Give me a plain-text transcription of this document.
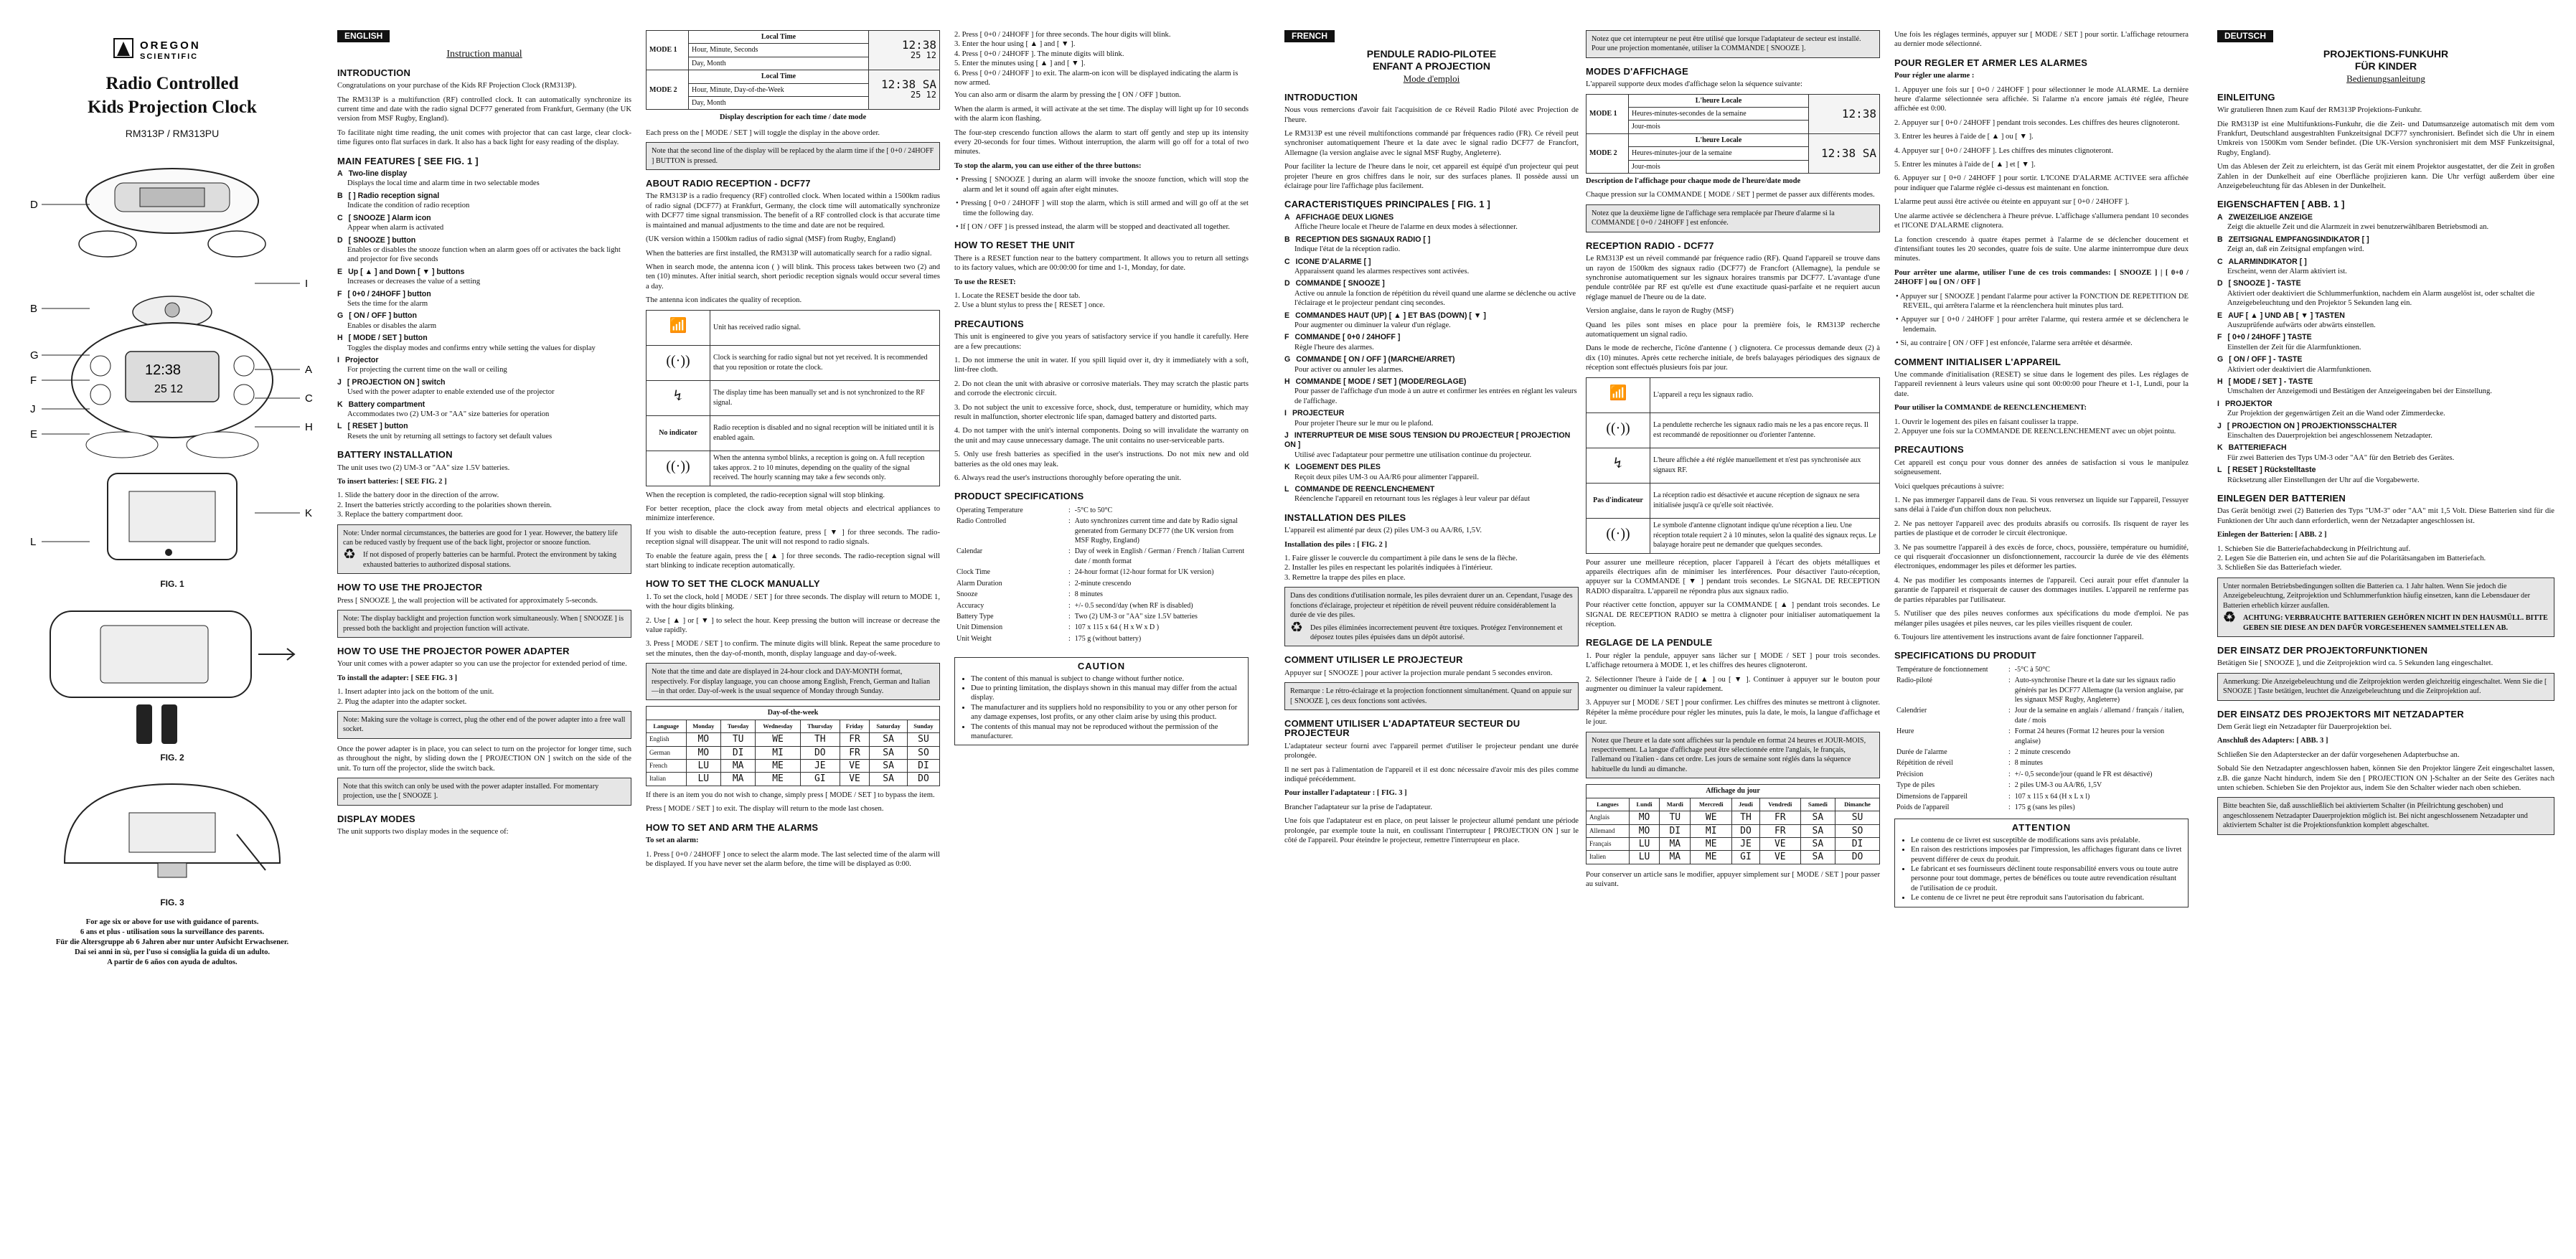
OREGON
SCIENTIFIC
Radio Controlled
Kids Projection Clock
RM313P / RM313PU
12:38
25 12
D
B
G
F
J
E
L
I
A
C
H
K
FIG. 1
FIG. 2
FIG. 3
For age six or above for use with guidance of parents.
6 ans et plus - utilisation sous la surveillance des parents.
Für die Altersgruppe ab 6 Jahren aber nur unter Aufsicht Erwachsener.
Dai sei anni in sù, per l'uso si consiglia la guida di un adulto.
A partir de 6 años con ayuda de adultos.
ENGLISH
Instruction manual
INTRODUCTION

Congratulations on your purchase of the Kids RF Projection Clock (RM313P).

The RM313P is a multifunction (RF) controlled clock. It can automatically synchronize its current time and date with the radio signal DCF77 generated from Frankfurt, Germany (the UK version from MSF Rugby, England).

To facilitate night time reading, the unit comes with projector that can cast large, clear clock-time figures onto flat surfaces in dark. It also has a back light for easy reading of the display.

MAIN FEATURES [ SEE FIG. 1 ]
A Two-line display
Displays the local time and alarm time in two selectable modes
B [ ] Radio reception signal
Indicate the condition of radio reception
C [ SNOOZE ] Alarm icon
Appear when alarm is activated
D [ SNOOZE ] button
Enables or disables the snooze function when an alarm goes off or activates the back light and projector for five seconds
E Up [ ▲ ] and Down [ ▼ ] buttons
Increases or decreases the value of a setting
F [ 0+0 / 24HOFF ] button
Sets the time for the alarm
G [ ON / OFF ] button
Enables or disables the alarm
H [ MODE / SET ] button
Toggles the display modes and confirms entry while setting the values for display
I Projector
For projecting the current time on the wall or ceiling
J [ PROJECTION ON ] switch
Used with the power adapter to enable extended use of the projector
K Battery compartment
Accommodates two (2) UM-3 or "AA" size batteries for operation
L [ RESET ] button
Resets the unit by returning all settings to factory set default values
BATTERY INSTALLATION

The unit uses two (2) UM-3 or "AA" size 1.5V batteries.

To insert batteries: [ SEE FIG. 2 ]

1. Slide the battery door in the direction of the arrow.
2. Insert the batteries strictly according to the polarities shown therein.
3. Replace the battery compartment door.
Note: Under normal circumstances, the batteries are good for 1 year. However, the battery life can be reduced vastly by frequent use of the back light, projector or snooze function.
♻ If not disposed of properly batteries can be harmful. Protect the environment by taking exhausted batteries to authorized disposal stations.
HOW TO USE THE PROJECTOR

Press [ SNOOZE ], the wall projection will be activated for approximately 5-seconds.

Note: The display backlight and projection function work simultaneously. When [ SNOOZE ] is pressed both the backlight and projection function will activate.
HOW TO USE THE PROJECTOR POWER ADAPTER

Your unit comes with a power adapter so you can use the projector for extended period of time.

To install the adapter: [ SEE FIG. 3 ]

1. Insert adapter into jack on the bottom of the unit.
2. Plug the adapter into the adapter socket.
Note: Making sure the voltage is correct, plug the other end of the power adapter into a free wall socket.

Once the power adapter is in place, you can select to turn on the projector for longer time, such as throughout the night, by sliding down the [ PROJECTION ON ] switch on the side of the unit. To turn off the projector, slide the switch back.

Note that this switch can only be used with the power adapter installed. For momentary projection, use the [ SNOOZE ].
DISPLAY MODES

The unit supports two display modes in the sequence of:

MODE 1	Local Time	12:38
25 12
	Hour, Minute, Seconds	
	Day, Month	
MODE 2	Local Time	12:38 SA
25 12
	Hour, Minute, Day-of-the-Week	
	Day, Month	
Display description for each time / date mode

Each press on the [ MODE / SET ] will toggle the display in the above order.

Note that the second line of the display will be replaced by the alarm time if the [ 0+0 / 24HOFF ] BUTTON is pressed.
ABOUT RADIO RECEPTION - DCF77

The RM313P is a radio frequency (RF) controlled clock. When located within a 1500km radius of radio signal (DCF77) at Frankfurt, Germany, the clock time will automatically synchronize with DCF77 time signal transmission. The benefit of a RF controlled clock is that accurate time is maintained and manual adjustments to the time and date are not be required.

(UK version within a 1500km radius of radio signal (MSF) from Rugby, England)

When the batteries are first installed, the RM313P will automatically search for a radio signal.

When in search mode, the antenna icon ( ) will blink. This process takes between two (2) and ten (10) minutes. After initial search, short periodic reception signals would occur several times a day.

The antenna icon indicates the quality of reception.

📶	Unit has received radio signal.
((·))	Clock is searching for radio signal but not yet received. It is recommended that you reposition or rotate the clock.
↯	The display time has been manually set and is not synchronized to the RF signal.
No indicator	Radio reception is disabled and no signal reception will be initiated until it is enabled again.
((·))	When the antenna symbol blinks, a reception is going on. A full reception takes approx. 2 to 10 minutes, depending on the quality of the signal received. The hourly scanning may take a few seconds only.

When the reception is completed, the radio-reception signal will stop blinking.

For better reception, place the clock away from metal objects and electrical appliances to minimize interference.

If you wish to disable the auto-reception feature, press [ ▼ ] for three seconds. The radio-reception signal will disappear. The unit will not respond to radio signals.

To enable the feature again, press the [ ▲ ] for three seconds. The radio-reception signal will start blinking to indicate reception automatically.

HOW TO SET THE CLOCK MANUALLY

1. To set the clock, hold [ MODE / SET ] for three seconds. The display will return to MODE 1, with the hour digits blinking.

2. Use [ ▲ ] or [ ▼ ] to select the hour. Keep pressing the button will increase or decrease the value rapidly.

3. Press [ MODE / SET ] to confirm. The minute digits will blink. Repeat the same procedure to set the minutes, then the day-of-month, month, display language and day-of-week.

Note that the time and date are displayed in 24-hour clock and DAY-MONTH format, respectively. For display language, you can choose among English, French, German and Italian—in that order. Day-of-week is the usual sequence of Monday through Sunday.
Day-of-the-week							
Language	Monday	Tuesday	Wednesday	Thursday	Friday	Saturday	Sunday
English	MO	TU	WE	TH	FR	SA	SU
German	MO	DI	MI	DO	FR	SA	SO
French	LU	MA	ME	JE	VE	SA	DI
Italian	LU	MA	ME	GI	VE	SA	DO

If there is an item you do not wish to change, simply press [ MODE / SET ] to bypass the item.

Press [ MODE / SET ] to exit. The display will return to the mode last chosen.

HOW TO SET AND ARM THE ALARMS

To set an alarm:

1. Press [ 0+0 / 24HOFF ] once to select the alarm mode. The last selected time of the alarm will be displayed. If you have never set the alarm before, the time will be displayed as 0:00.

2. Press [ 0+0 / 24HOFF ] for three seconds. The hour digits will blink.
3. Enter the hour using [ ▲ ] and [ ▼ ].
4. Press [ 0+0 / 24HOFF ]. The minute digits will blink.
5. Enter the minutes using [ ▲ ] and [ ▼ ].
6. Press [ 0+0 / 24HOFF ] to exit. The alarm-on icon will be displayed indicating the alarm is now armed.

You can also arm or disarm the alarm by pressing the [ ON / OFF ] button.

When the alarm is armed, it will activate at the set time. The display will light up for 10 seconds with the alarm icon flashing.

The four-step crescendo function allows the alarm to start off gently and step up its intensity every 20-seconds for four times. Without interruption, the alarm will go off for a total of two minutes.

To stop the alarm, you can use either of the three buttons:

• Pressing [ SNOOZE ] during an alarm will invoke the snooze function, which will stop the alarm and let it sound off again after eight minutes.

• Pressing [ 0+0 / 24HOFF ] will stop the alarm, which is still armed and will go off at the set time the following day.

• If [ ON / OFF ] is pressed instead, the alarm will be stopped and deactivated all together.

HOW TO RESET THE UNIT

There is a RESET function near to the battery compartment. It allows you to return all settings to its factory values, which are 00:00:00 for time and 1-1, Monday, for date.

To use the RESET:

1. Locate the RESET beside the door tab.
2. Use a blunt stylus to press the [ RESET ] once.
PRECAUTIONS

This unit is engineered to give you years of satisfactory service if you handle it carefully. Here are a few precautions:

1. Do not immerse the unit in water. If you spill liquid over it, dry it immediately with a soft, lint-free cloth.

2. Do not clean the unit with abrasive or corrosive materials. They may scratch the plastic parts and corrode the electronic circuit.

3. Do not subject the unit to excessive force, shock, dust, temperature or humidity, which may result in malfunction, shorter electronic life span, damaged battery and distorted parts.

4. Do not tamper with the unit's internal components. Doing so will invalidate the warranty on the unit and may cause unnecessary damage. The unit contains no user-serviceable parts.

5. Only use fresh batteries as specified in the user's instructions. Do not mix new and old batteries as the old ones may leak.

6. Always read the user's instructions thoroughly before operating the unit.

PRODUCT SPECIFICATIONS
Operating Temperature	:	-5°C to 50°C
Radio Controlled	:	Auto synchronizes current time and date by Radio signal generated from Germany DCF77 (the UK version from MSF Rugby, England)
Calendar	:	Day of week in English / German / French / Italian Current date / month format
Clock Time	:	24-hour format (12-hour format for UK version)
Alarm Duration	:	2-minute crescendo
Snooze	:	8 minutes
Accuracy	:	+/- 0.5 second/day (when RF is disabled)
Battery Type	:	Two (2) UM-3 or "AA" size 1.5V batteries
Unit Dimension	:	107 x 115 x 64 ( H x W x D )
Unit Weight	:	175 g (without battery)
CAUTION
• The content of this manual is subject to change without further notice.
• Due to printing limitation, the displays shown in this manual may differ from the actual display.
• The manufacturer and its suppliers hold no responsibility to you or any other person for any damage expenses, lost profits, or any other claim arise by using this product.
• The contents of this manual may not be reproduced without the permission of the manufacturer.
FRENCH
PENDULE RADIO-PILOTEE
ENFANT A PROJECTION
Mode d'emploi
INTRODUCTION

Nous vous remercions d'avoir fait l'acquisition de ce Réveil Radio Piloté avec Projection de l'heure.

Le RM313P est une réveil multifonctions commandé par fréquences radio (FR). Ce réveil peut synchroniser automatiquement l'heure et la date avec le signal radio DCF77 de Francfort, Allemagne (la version anglaise avec le signal MSF Rugby, Angleterre).

Pour faciliter la lecture de l'heure dans le noir, cet appareil est équipé d'un projecteur qui peut projeter l'heure en gros chiffres dans le noir, sur des surfaces planes. Il possède aussi un éclairage pour lire l'affichage plus facilement.

CARACTERISTIQUES PRINCIPALES [ FIG. 1 ]
A AFFICHAGE DEUX LIGNES
Affiche l'heure locale et l'heure de l'alarme en deux modes à sélectionner.
B RECEPTION DES SIGNAUX RADIO [ ]
Indique l'état de la réception radio.
C ICONE D'ALARME [ ]
Apparaissent quand les alarmes respectives sont activées.
D COMMANDE [ SNOOZE ]
Active ou annule la fonction de répétition du réveil quand une alarme se déclenche ou active l'éclairage et le projecteur pendant cinq secondes.
E COMMANDES HAUT (UP) [ ▲ ] ET BAS (DOWN) [ ▼ ]
Pour augmenter ou diminuer la valeur d'un réglage.
F COMMANDE [ 0+0 / 24HOFF ]
Règle l'heure des alarmes.
G COMMANDE [ ON / OFF ] (MARCHE/ARRET)
Pour activer ou annuler les alarmes.
H COMMANDE [ MODE / SET ] (MODE/REGLAGE)
Pour passer de l'affichage d'un mode à un autre et confirmer les entrées en réglant les valeurs de l'affichage.
I PROJECTEUR
Pour projeter l'heure sur le mur ou le plafond.
J INTERRUPTEUR DE MISE SOUS TENSION DU PROJECTEUR [ PROJECTION ON ]
Utilisé avec l'adaptateur pour permettre une utilisation continue du projecteur.
K LOGEMENT DES PILES
Reçoit deux piles UM-3 ou AA/R6 pour alimenter l'appareil.
L COMMANDE DE REENCLENCHEMENT
Réenclenche l'appareil en retournant tous les réglages à leur valeur par défaut
INSTALLATION DES PILES

L'appareil est alimenté par deux (2) piles UM-3 ou AA/R6, 1,5V.

Installation des piles : [ FIG. 2 ]

1. Faire glisser le couvercle du compartiment à pile dans le sens de la flèche.
2. Installer les piles en respectant les polarités indiquées à l'intérieur.
3. Remettre la trappe des piles en place.
Dans des conditions d'utilisation normale, les piles devraient durer un an. Cependant, l'usage des fonctions d'éclairage, projecteur et répétition de réveil peuvent réduire considérablement la durée de vie des piles.
♻ Des piles éliminées incorrectement peuvent être toxiques. Protégez l'environnement et déposez toutes piles épuisées dans un dépôt autorisé.
COMMENT UTILISER LE PROJECTEUR

Appuyer sur [ SNOOZE ] pour activer la projection murale pendant 5 secondes environ.

Remarque : Le rétro-éclairage et la projection fonctionnent simultanément. Quand on appuie sur [ SNOOZE ], ces deux fonctions sont activées.
COMMENT UTILISER L'ADAPTATEUR SECTEUR DU PROJECTEUR

L'adaptateur secteur fourni avec l'appareil permet d'utiliser le projecteur pendant une durée prolongée.

Il ne sert pas à l'alimentation de l'appareil et il est donc nécessaire d'avoir mis des piles comme indiqué précédemment.

Pour installer l'adaptateur : [ FIG. 3 ]

Brancher l'adaptateur sur la prise de l'adaptateur.

Une fois que l'adaptateur est en place, on peut laisser le projecteur allumé pendant une période prolongée, par exemple toute la nuit, en coulissant l'interrupteur [ PROJECTION ON ] sur le côté de l'appareil. Pour éteindre le projecteur, remettre l'interrupteur en place.

Notez que cet interrupteur ne peut être utilisé que lorsque l'adaptateur de secteur est installé. Pour une projection momentanée, utiliser la COMMANDE [ SNOOZE ].
MODES D'AFFICHAGE

L'appareil supporte deux modes d'affichage selon la séquence suivante:

MODE 1	L'heure Locale	12:38
	Heures-minutes-secondes de la semaine	
	Jour-mois	
MODE 2	L'heure Locale	12:38 SA
	Heures-minutes-jour de la semaine	
	Jour-mois	
Description de l'affichage pour chaque mode de l'heure/date mode

Chaque pression sur la COMMANDE [ MODE / SET ] permet de passer aux différents modes.

Notez que la deuxième ligne de l'affichage sera remplacée par l'heure d'alarme si la COMMANDE [ 0+0 / 24HOFF ] est enfoncée.
RECEPTION RADIO - DCF77

Le RM313P est un réveil commandé par fréquence radio (RF). Quand l'appareil se trouve dans un rayon de 1500km des signaux radio (DCF77) de Francfort (Allemagne), la pendule se synchronise automatiquement sur les signaux horaires transmis par DCF77. L'avantage d'une pendule contrôlée par RF est qu'elle est d'une exactitude quasi-parfaite et ne requiert aucun réglage manuel de l'heure ou de la date.

Version anglaise, dans le rayon de Rugby (MSF)

Quand les piles sont mises en place pour la première fois, le RM313P recherche automatiquement un signal radio.

Dans le mode de recherche, l'icône d'antenne ( ) clignotera. Ce processus demande deux (2) à dix (10) minutes. Après cette recherche initiale, de brefs balayages périodiques des signaux de réception sont effectués plusieurs fois par jour.

📶	L'appareil a reçu les signaux radio.
((·))	La pendulette recherche les signaux radio mais ne les a pas encore reçus. Il est recommandé de repositionner ou d'orienter l'antenne.
↯	L'heure affichée a été réglée manuellement et n'est pas synchronisée aux signaux RF.
Pas d'indicateur	La réception radio est désactivée et aucune réception de signaux ne sera initialisée jusqu'à ce qu'elle soit réactivée.
((·))	Le symbole d'antenne clignotant indique qu'une réception a lieu. Une réception totale requiert 2 à 10 minutes, selon la qualité des signaux reçus. Le balayage horaire peut ne demander que quelques secondes.

Pour assurer une meilleure réception, placer l'appareil à l'écart des objets métalliques et appareils électriques afin de minimiser les interférences. Pour désactiver l'auto-réception, appuyer sur la COMMANDE [ ▼ ] pendant trois secondes. Le SIGNAL DE RECEPTION RADIO disparaîtra. L'appareil ne répondra plus aux signaux radio.

Pour réactiver cette fonction, appuyer sur la COMMANDE [ ▲ ] pendant trois secondes. Le SIGNAL DE RECEPTION RADIO se mettra à clignoter pour initialiser automatiquement la réception.

REGLAGE DE LA PENDULE

1. Pour régler la pendule, appuyer sans lâcher sur [ MODE / SET ] pour trois secondes. L'affichage retournera à MODE 1, et les chiffres des heures clignoteront.

2. Sélectionner l'heure à l'aide de [ ▲ ] ou [ ▼ ]. Continuer à appuyer sur le bouton pour augmenter ou diminuer la valeur rapidement.

3. Appuyer sur [ MODE / SET ] pour confirmer. Les chiffres des minutes se mettront à clignoter. Répéter la même procédure pour régler les minutes, puis la date, le mois, la langue d'affichage et le jour.

Notez que l'heure et la date sont affichées sur la pendule en format 24 heures et JOUR-MOIS, respectivement. La langue d'affichage peut être sélectionnée entre l'anglais, le français, l'allemand ou l'italien - dans cet ordre. Les jours de semaine sont réglés dans la séquence habituelle du lundi au dimanche.
Affichage du jour							
Langues	Lundi	Mardi	Mercredi	Jeudi	Vendredi	Samedi	Dimanche
Anglais	MO	TU	WE	TH	FR	SA	SU
Allemand	MO	DI	MI	DO	FR	SA	SO
Français	LU	MA	ME	JE	VE	SA	DI
Italien	LU	MA	ME	GI	VE	SA	DO

Pour conserver un article sans le modifier, appuyer simplement sur [ MODE / SET ] pour passer au suivant.

Une fois les réglages terminés, appuyer sur [ MODE / SET ] pour sortir. L'affichage retournera au dernier mode sélectionné.

POUR REGLER ET ARMER LES ALARMES

Pour régler une alarme :

1. Appuyer une fois sur [ 0+0 / 24HOFF ] pour sélectionner le mode ALARME. La dernière heure d'alarme sélectionnée sera affichée. Si l'alarme n'a encore jamais été réglée, l'heure affichée est 0:00.

2. Appuyer sur [ 0+0 / 24HOFF ] pendant trois secondes. Les chiffres des heures clignoteront.

3. Entrer les heures à l'aide de [ ▲ ] ou [ ▼ ].

4. Appuyer sur [ 0+0 / 24HOFF ]. Les chiffres des minutes clignoteront.

5. Entrer les minutes à l'aide de [ ▲ ] et [ ▼ ].

6. Appuyer sur [ 0+0 / 24HOFF ] pour sortir. L'ICONE D'ALARME ACTIVEE sera affichée pour indiquer que l'alarme réglée ci-dessus est maintenant en fonction.

L'alarme peut aussi être activée ou éteinte en appuyant sur [ 0+0 / 24HOFF ].

Une alarme activée se déclenchera à l'heure prévue. L'affichage s'allumera pendant 10 secondes et l'ICONE D'ALARME clignotera.

La fonction crescendo à quatre étapes permet à l'alarme de se déclencher doucement et d'intensifiant toutes les 20 secondes, quatre fois de suite. Une alarme ininterrompue dure deux minutes.

Pour arrêter une alarme, utiliser l'une de ces trois commandes: [ SNOOZE ] | [ 0+0 / 24HOFF ] ou [ ON / OFF ]

• Appuyer sur [ SNOOZE ] pendant l'alarme pour activer la FONCTION DE REPETITION DE REVEIL, qui arrêtera l'alarme et la réenclenchera huit minutes plus tard.

• Appuyer sur [ 0+0 / 24HOFF ] pour arrêter l'alarme, qui restera armée et se déclenchera le lendemain.

• Si, au contraire [ ON / OFF ] est enfoncée, l'alarme sera arrêtée et désarmée.

COMMENT INITIALISER L'APPAREIL

Une commande d'initialisation (RESET) se situe dans le logement des piles. Les réglages de l'appareil reviennent à leurs valeurs usine qui sont 00:00:00 pour l'heure et 1-1, Lundi, pour la date.

Pour utiliser la COMMANDE de REENCLENCHEMENT:

1. Ouvrir le logement des piles en faisant coulisser la trappe.
2. Appuyer une fois sur la COMMANDE DE REENCLENCHEMENT avec un objet pointu.
PRECAUTIONS

Cet appareil est conçu pour vous donner des années de satisfaction si vous le manipulez soigneusement.

Voici quelques précautions à suivre:

1. Ne pas immerger l'appareil dans de l'eau. Si vous renversez un liquide sur l'appareil, l'essuyer sans délai à l'aide d'un chiffon doux non pelucheux.

2. Ne pas nettoyer l'appareil avec des produits abrasifs ou corrosifs. Ils risquent de rayer les parties de plastique et de corroder le circuit électronique.

3. Ne pas soumettre l'appareil à des excès de force, chocs, poussière, température ou humidité, ce qui risquerait d'occasionner un disfonctionnement, raccourcir la durée de vie des éléments électroniques, endommager les piles et déformer les parties.

4. Ne pas modifier les composants internes de l'appareil. Ceci aurait pour effet d'annuler la garantie de l'appareil et risquerait de causer des dommages inutiles. L'appareil ne renferme pas de parties réparables par l'utilisateur.

5. N'utiliser que des piles neuves conformes aux spécifications du mode d'emploi. Ne pas mélanger piles usagées et piles neuves, car les piles vieilles risquent de couler.

6. Toujours lire attentivement les instructions avant de faire fonctionner l'appareil.

SPECIFICATIONS DU PRODUIT
Température de fonctionnement	:	-5°C à 50°C
Radio-piloté	:	Auto-synchronise l'heure et la date sur les signaux radio générés par les DCF77 Allemagne (la version anglaise, par les signaux MSF Rugby, Angleterre)
Calendrier	:	Jour de la semaine en anglais / allemand / français / italien, date / mois
Heure	:	Format 24 heures (Format 12 heures pour la version anglaise)
Durée de l'alarme	:	2 minute crescendo
Répétition de réveil	:	8 minutes
Précision	:	+/- 0,5 seconde/jour (quand le FR est désactivé)
Type de piles	:	2 piles UM-3 ou AA/R6, 1,5V
Dimensions de l'appareil	:	107 x 115 x 64 (H x L x l)
Poids de l'appareil	:	175 g (sans les piles)
ATTENTION
• Le contenu de ce livret est susceptible de modifications sans avis préalable.
• En raison des restrictions imposées par l'impression, les affichages figurant dans ce livret peuvent différer de ceux du produit.
• Le fabricant et ses fournisseurs déclinent toute responsabilité envers vous ou toute autre personne pour tout dommage, pertes de bénéfices ou toute autre revendication résultant de l'utilisation de ce produit.
• Le contenu de ce livret ne peut être reproduit sans l'autorisation du fabricant.
DEUTSCH
PROJEKTIONS-FUNKUHR
FÜR KINDER
Bedienungsanleitung
EINLEITUNG

Wir gratulieren Ihnen zum Kauf der RM313P Projektions-Funkuhr.

Die RM313P ist eine Multifunktions-Funkuhr, die die Zeit- und Datumsanzeige automatisch mit dem vom Frankfurt, Deutschland ausgestrahlten Funkzeitsignal DCF77 synchronisiert. Befindet sich die Uhr in einem Umkreis von 1500Km vom Sender befindet. (Die UK-Version synchronisiert mit dem MSF Funkzeitsignal, Rugby, England).

Um das Ablesen der Zeit zu erleichtern, ist das Gerät mit einem Projektor ausgestattet, der die Zeit in großen Zahlen in der Dunkelheit auf eine Oberfläche projizieren kann. Die Uhr verfügt außerdem über eine Anzeigebeleuchtung für das Ablesen in der Dunkelheit.

EIGENSCHAFTEN [ ABB. 1 ]
A ZWEIZEILIGE ANZEIGE
Zeigt die aktuelle Zeit und die Alarmzeit in zwei benutzerwählbaren Betriebsmodi an.
B ZEITSIGNAL EMPFANGSINDIKATOR [ ]
Zeigt an, daß ein Zeitsignal empfangen wird.
C ALARMINDIKATOR [ ]
Erscheint, wenn der Alarm aktiviert ist.
D [ SNOOZE ] - TASTE
Aktiviert oder deaktiviert die Schlummerfunktion, nachdem ein Alarm ausgelöst ist, oder schaltet die Anzeigebeleuchtung und den Projektor 5 Sekunden lang ein.
E AUF [ ▲ ] UND AB [ ▼ ] TASTEN
Auszuprüfende aufwärts oder abwärts einstellen.
F [ 0+0 / 24HOFF ] TASTE
Einstellen der Zeit für die Alarmfunktionen.
G [ ON / OFF ] - TASTE
Aktiviert oder deaktiviert die Alarmfunktionen.
H [ MODE / SET ] - TASTE
Umschalten der Anzeigemodi und Bestätigen der Anzeigeeingaben bei der Einstellung.
I PROJEKTOR
Zur Projektion der gegenwärtigen Zeit an die Wand oder Zimmerdecke.
J [ PROJECTION ON ] PROJEKTIONSSCHALTER
Einschalten des Dauerprojektion bei angeschlossenem Netzadapter.
K BATTERIEFACH
Für zwei Batterien des Typs UM-3 oder "AA" für den Betrieb des Gerätes.
L [ RESET ] Rückstelltaste
Rücksetzung aller Einstellungen der Uhr auf die Vorgabewerte.
EINLEGEN DER BATTERIEN

Das Gerät benötigt zwei (2) Batterien des Typs "UM-3" oder "AA" mit 1,5 Volt. Diese Batterien sind für die Funktionen der Uhr auch dann erforderlich, wenn der Netzadapter angeschlossen ist.

Einlegen der Batterien: [ ABB. 2 ]

1. Schieben Sie die Batteriefachabdeckung in Pfeilrichtung auf.
2. Legen Sie die Batterien ein, und achten Sie auf die Polaritätsangaben im Batteriefach.
3. Schließen Sie das Batteriefach wieder.
Unter normalen Betriebsbedingungen sollten die Batterien ca. 1 Jahr halten. Wenn Sie jedoch die Anzeigebeleuchtung, Zeitprojektion und Schlummerfunktion häufig einsetzen, kann die Lebensdauer der Batterien erheblich kürzer ausfallen.
♻ ACHTUNG: VERBRAUCHTE BATTERIEN GEHÖREN NICHT IN DEN HAUSMÜLL. BITTE GEBEN SIE DIESE AN DEN DAFÜR VORGESEHENEN SAMMELSTELLEN AB.
DER EINSATZ DER PROJEKTORFUNKTIONEN

Betätigen Sie [ SNOOZE ], und die Zeitprojektion wird ca. 5 Sekunden lang eingeschaltet.

Anmerkung: Die Anzeigebeleuchtung und die Zeitprojektion werden gleichzeitig eingeschaltet. Wenn Sie die [ SNOOZE ] Taste betätigen, leuchtet die Anzeigebeleuchtung und die Zeitprojektion auf.
DER EINSATZ DES PROJEKTORS MIT NETZADAPTER

Dem Gerät liegt ein Netzadapter für Dauerprojektion bei.

Anschluß des Adapters: [ ABB. 3 ]

Schließen Sie den Adapterstecker an der dafür vorgesehenen Adapterbuchse an.

Sobald Sie den Netzadapter angeschlossen haben, können Sie den Projektor längere Zeit eingeschaltet lassen, z.B. die ganze Nacht hindurch, indem Sie den [ PROJECTION ON ]-Schalter an der Seite des Gerätes nach unten schieben. Schieben Sie den Projektor aus, indem Sie den Schalter wieder nach oben schieben.

Bitte beachten Sie, daß ausschließlich bei aktiviertem Schalter (in Pfeilrichtung geschoben) und angeschlossenem Netzadapter Dauerprojektion möglich ist. Bei nicht angeschlossenem Netzadapter und aktiviertem Schalter ist die Projektionsfunktion komplett abgeschaltet.
